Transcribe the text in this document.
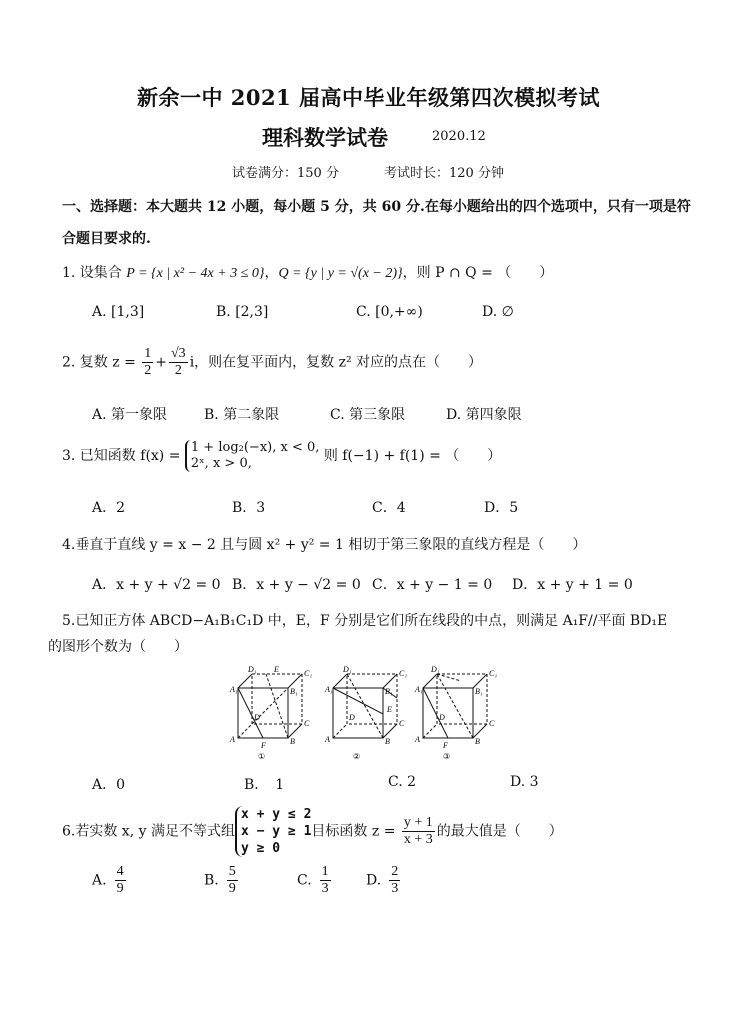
新余一中 2021 届高中毕业年级第四次模拟考试
理科数学试卷	2020.12
试卷满分：150 分	考试时长：120 分钟
一、选择题：本大题共 12 小题，每小题 5 分，共 60 分.在每小题给出的四个选项中，只有一项是符
合题目要求的.
1. 设集合 P = {x | x² − 4x + 3 ≤ 0}，Q = {y | y = √(x − 2)}，则 P ∩ Q = （　　）
A. [1,3]	B. [2,3]	C. [0,+∞)	D. ∅
2. 复数 $z = \frac{1}{2} + \frac{√3}{2}$ i，则在复平面内，复数 z² 对应的点在（　　）
A. 第一象限	B. 第二象限	C. 第三象限	D. 第四象限
3. 已知函数 f(x) =
1 + log₂(−x), x < 0,
2ˣ, x > 0,	则 f(−1) + f(1) = （　　）
A．2	B．3	C．4	D．5
4.垂直于直线 y = x − 2 且与圆 x² + y² = 1 相切于第三象限的直线方程是（　　）
A．x + y + √2 = 0 B．x + y − √2 = 0 C．x + y − 1 = 0 D．x + y + 1 = 0
5.已知正方体 ABCD−A₁B₁C₁D 中，E，F 分别是它们所在线段的中点，则满足 A₁F//平面 BD₁E
的图形个数为（　　）
A₁
A	B
C
C₁
D₁ E
F
B₁
D
①
A₁
A	B
C
C₁
D₁
E
B₁
D
②
A₁
A	B
C
C₁
D₁
F
B₁
D
③
A．0	B．　1	C. 2	D. 3
6.若实数 x, y 满足不等式组
x + y ≤ 2
x − y ≥ 1
y ≥ 0
目标函数 $z = \frac{y + 1}{x + 3}$ 的最大值是（　　）
A. $\frac{4}{9}$	B. $\frac{5}{9}$	C. $\frac{1}{3}$	D. $\frac{2}{3}$
